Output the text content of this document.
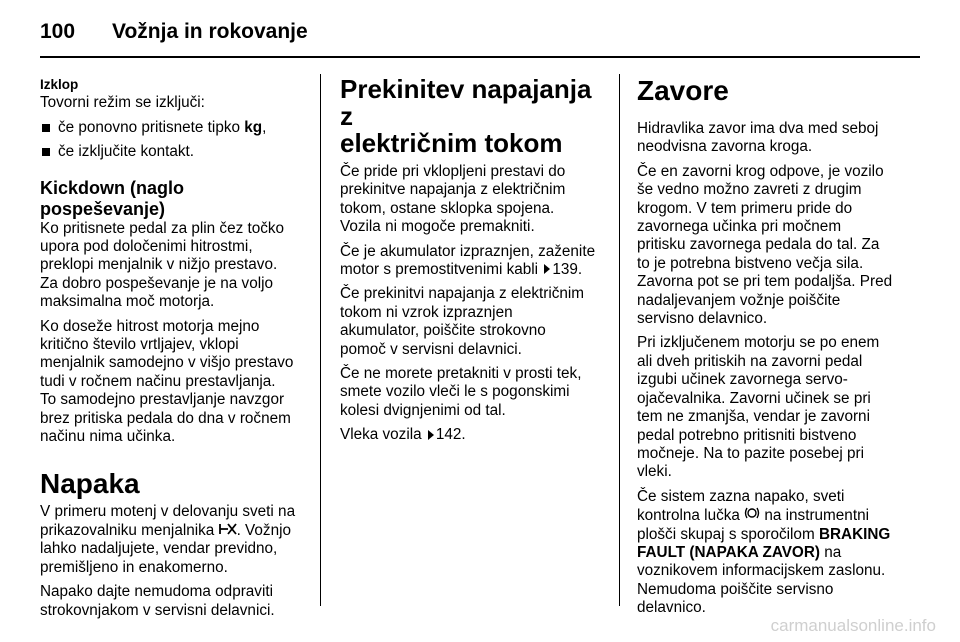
100 Vožnja in rokovanje

Izklop

Tovorni režim se izključi:

če ponovno pritisnete tipko kg,
če izključite kontakt.

Kickdown (naglo pospeševanje)

Ko pritisnete pedal za plin čez točko
upora pod določenimi hitrostmi,
preklopi menjalnik v nižjo prestavo.
Za dobro pospeševanje je na voljo
maksimalna moč motorja.

Ko doseže hitrost motorja mejno
kritično število vrtljajev, vklopi
menjalnik samodejno v višjo prestavo
tudi v ročnem načinu prestavljanja.
To samodejno prestavljanje navzgor
brez pritiska pedala do dna v ročnem
načinu nima učinka.

Napaka

V primeru motenj v delovanju sveti na
prikazovalniku menjalnika . Vožnjo
lahko nadaljujete, vendar previdno,
premišljeno in enakomerno.

Napako dajte nemudoma odpraviti
strokovnjakom v servisni delavnici.

Prekinitev napajanja z
električnim tokom

Če pride pri vklopljeni prestavi do
prekinitve napajanja z električnim
tokom, ostane sklopka spojena.
Vozila ni mogoče premakniti.

Če je akumulator izpraznjen, zaženite
motor s premostitvenimi kabli 139.

Če prekinitvi napajanja z električnim
tokom ni vzrok izpraznjen
akumulator, poiščite strokovno
pomoč v servisni delavnici.

Če ne morete pretakniti v prosti tek,
smete vozilo vleči le s pogonskimi
kolesi dvignjenimi od tal.

Vleka vozila 142.

Zavore

Hidravlika zavor ima dva med seboj
neodvisna zavorna kroga.

Če en zavorni krog odpove, je vozilo
še vedno možno zavreti z drugim
krogom. V tem primeru pride do
zavornega učinka pri močnem
pritisku zavornega pedala do tal. Za
to je potrebna bistveno večja sila.
Zavorna pot se pri tem podaljša. Pred
nadaljevanjem vožnje poiščite
servisno delavnico.

Pri izključenem motorju se po enem
ali dveh pritiskih na zavorni pedal
izgubi učinek zavornega servo-
ojačevalnika. Zavorni učinek se pri
tem ne zmanjša, vendar je zavorni
pedal potrebno pritisniti bistveno
močneje. Na to pazite posebej pri
vleki.

Če sistem zazna napako, sveti
kontrolna lučka  na instrumentni
plošči skupaj s sporočilom BRAKING
FAULT (NAPAKA ZAVOR) na
voznikovem informacijskem zaslonu.
Nemudoma poiščite servisno
delavnico.

carmanualsonline.info
